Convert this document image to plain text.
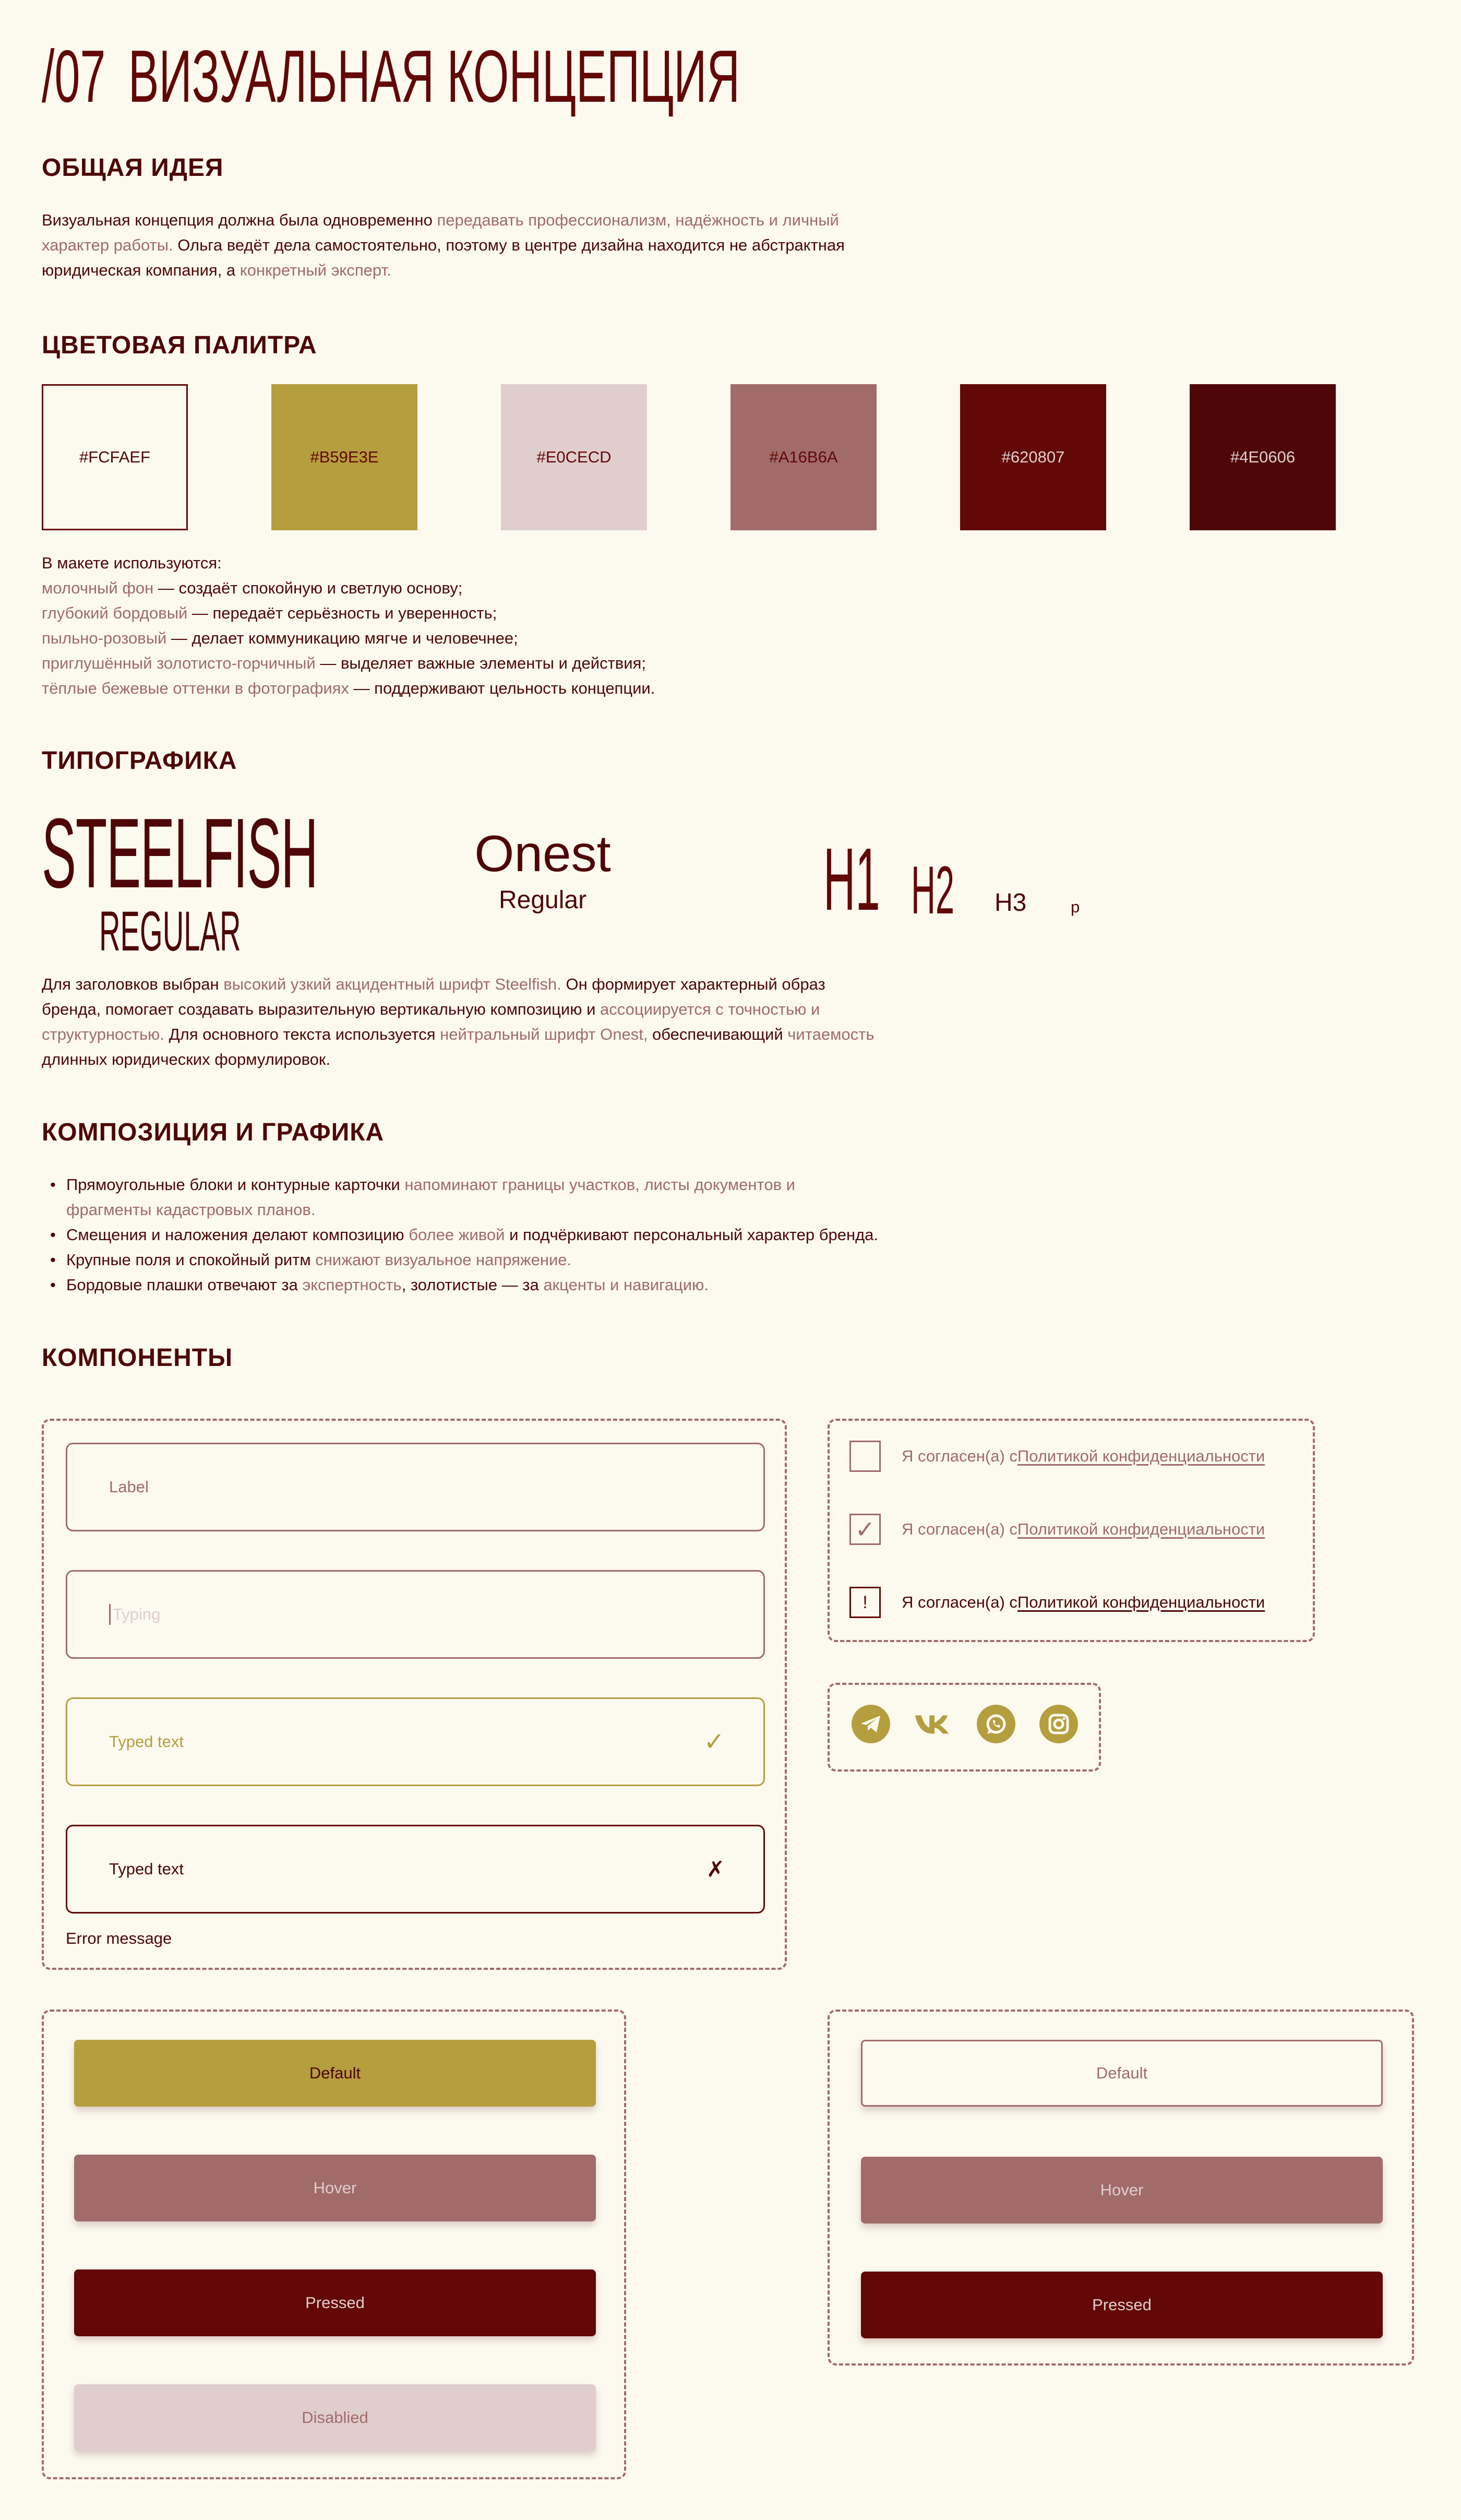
/07 ВИЗУАЛЬНАЯ КОНЦЕПЦИЯ
ОБЩАЯ ИДЕЯ
Визуальная концепция должна была одновременно передавать профессионализм, надёжность и личный
характер работы. Ольга ведёт дела самостоятельно, поэтому в центре дизайна находится не абстрактная
юридическая компания, а конкретный эксперт.
ЦВЕТОВАЯ ПАЛИТРА
#FCFAEF	#B59E3E	#E0CECD	#A16B6A	#620807	#4E0606
В макете используются:
молочный фон — создаёт спокойную и светлую основу;
глубокий бордовый — передаёт серьёзность и уверенность;
пыльно-розовый — делает коммуникацию мягче и человечнее;
приглушённый золотисто-горчичный — выделяет важные элементы и действия;
тёплые бежевые оттенки в фотографиях — поддерживают цельность концепции.
ТИПОГРАФИКА
STEELFISH
REGULAR
Onest
Regular	H1 H2 H3	p
Для заголовков выбран высокий узкий акцидентный шрифт Steelfish. Он формирует характерный образ
бренда, помогает создавать выразительную вертикальную композицию и ассоциируется с точностью и
структурностью. Для основного текста используется нейтральный шрифт Onest, обеспечивающий читаемость
длинных юридических формулировок.
КОМПОЗИЦИЯ И ГРАФИКА
• Прямоугольные блоки и контурные карточки напоминают границы участков, листы документов и
фрагменты кадастровых планов.
• Смещения и наложения делают композицию более живой и подчёркивают персональный характер бренда.
• Крупные поля и спокойный ритм снижают визуальное напряжение.
• Бордовые плашки отвечают за экспертность, золотистые — за акценты и навигацию.
КОМПОНЕНТЫ
Label
Typing
Typed text	✓
Typed text	✗
Error message
Я согласен(а) с Политикой конфиденциальности
✓	Я согласен(а) с Политикой конфиденциальности
!	Я согласен(а) с Политикой конфиденциальности
Default
Hover
Pressed
Disablied
Default
Hover
Pressed
